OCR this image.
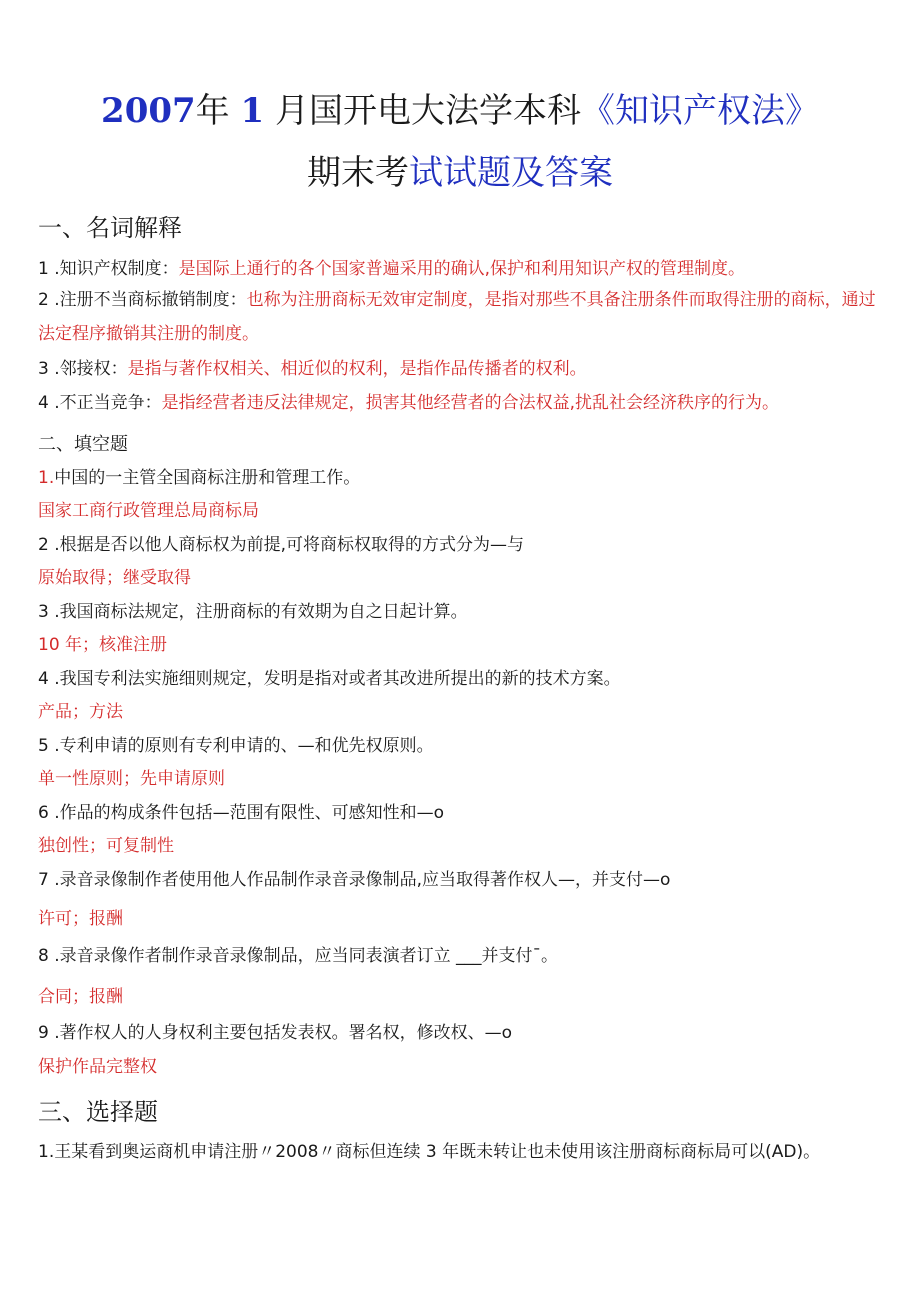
2007年 1 月国开电大法学本科《知识产权法》
期末考试试题及答案
一、名词解释
1 .知识产权制度：是国际上通行的各个国家普遍采用的确认,保护和利用知识产权的管理制度。
2 .注册不当商标撤销制度：也称为注册商标无效审定制度，是指对那些不具备注册条件而取得注册的商标，通过法定程序撤销其注册的制度。
3 .邻接权：是指与著作权相关、相近似的权利，是指作品传播者的权利。
4 .不正当竞争：是指经营者违反法律规定，损害其他经营者的合法权益,扰乱社会经济秩序的行为。
二、填空题
1.中国的一主管全国商标注册和管理工作。
国家工商行政管理总局商标局
2 .根据是否以他人商标权为前提,可将商标权取得的方式分为—与
原始取得；继受取得
3 .我国商标法规定，注册商标的有效期为自之日起计算。
10 年；核准注册
4 .我国专利法实施细则规定，发明是指对或者其改进所提出的新的技术方案。
产品；方法
5 .专利申请的原则有专利申请的、—和优先权原则。
单一性原则；先申请原则
6 .作品的构成条件包括—范围有限性、可感知性和—o
独创性；可复制性
7 .录音录像制作者使用他人作品制作录音录像制品,应当取得著作权人—，并支付—o
许可；报酬
8 .录音录像作者制作录音录像制品，应当同表演者订立 ___并支付¯。
合同；报酬
9 .著作权人的人身权利主要包括发表权。署名权，修改权、—o
保护作品完整权
三、选择题
1.王某看到奥运商机申请注册〃2008〃商标但连续 3 年既未转让也未使用该注册商标商标局可以(AD)。
